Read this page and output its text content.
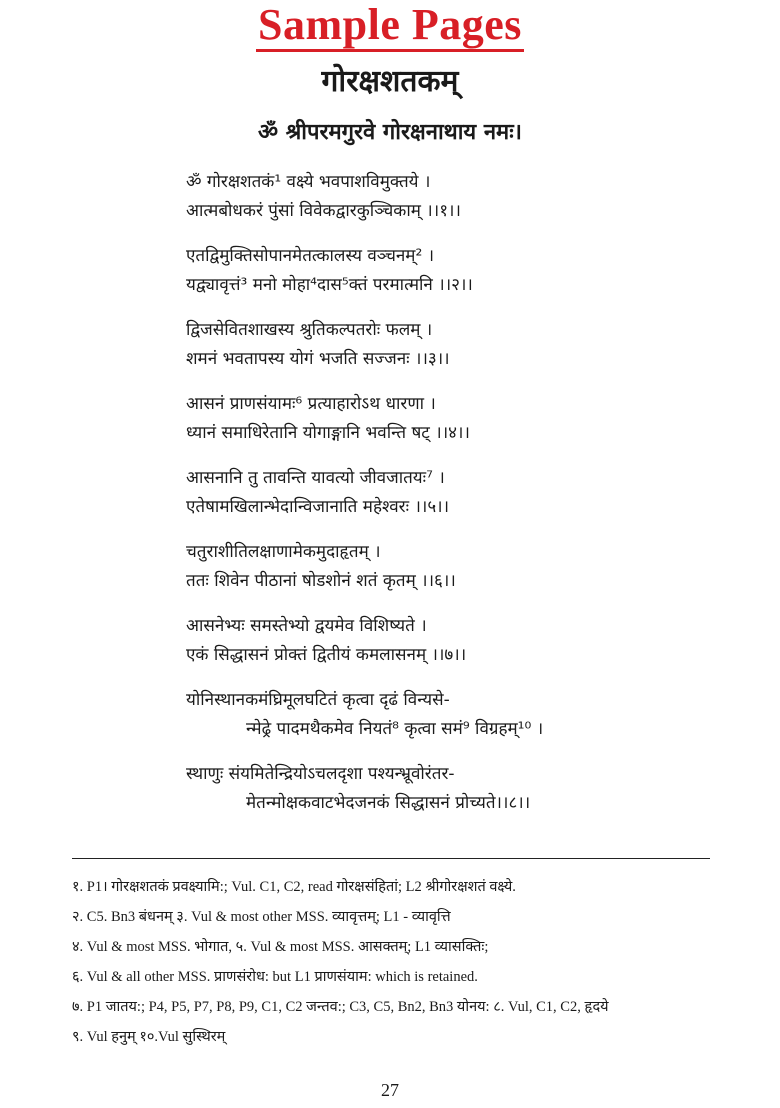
Sample Pages
गोरक्षशतकम्
ॐ श्रीपरमगुरवे गोरक्षनाथाय नमः।
ॐ गोरक्षशतकं¹ वक्ष्ये भवपाशविमुक्तये ।
आत्मबोधकरं पुंसां विवेकद्वारकुञ्चिकाम् ।।१।।
एतद्विमुक्तिसोपानमेतत्कालस्य वञ्चनम्² ।
यद्व्यावृत्तं³ मनो मोहा⁴दास⁵क्तं परमात्मनि ।।२।।
द्विजसेवितशाखस्य श्रुतिकल्पतरोः फलम् ।
शमनं भवतापस्य योगं भजति सज्जनः ।।३।।
आसनं प्राणसंयामः⁶ प्रत्याहारोऽथ धारणा ।
ध्यानं समाधिरेतानि योगाङ्गानि भवन्ति षट् ।।४।।
आसनानि तु तावन्ति यावत्यो जीवजातयः⁷ ।
एतेषामखिलान्भेदान्विजानाति महेश्वरः ।।५।।
चतुराशीतिलक्षाणामेकमुदाहृतम् ।
ततः शिवेन पीठानां षोडशोनं शतं कृतम् ।।६।।
आसनेभ्यः समस्तेभ्यो द्वयमेव विशिष्यते ।
एकं सिद्धासनं प्रोक्तं द्वितीयं कमलासनम् ।।७।।
योनिस्थानकमंघ्रिमूलघटितं कृत्वा दृढं विन्यसे-
न्मेढ्रे पादमथैकमेव नियतं⁸ कृत्वा समं⁹ विग्रहम्¹⁰ ।
स्थाणुः संयमितेन्द्रियोऽचलदृशा पश्यन्भ्रूवोरंतर-
मेतन्मोक्षकवाटभेदजनकं सिद्धासनं प्रोच्यते।।८।।
१. P1। गोरक्षशतकं प्रवक्ष्यामि:; Vul. C1, C2, read गोरक्षसंहितां; L2 श्रीगोरक्षशतं वक्ष्ये.
२. C5. Bn3 बंधनम् ३. Vul & most other MSS. व्यावृत्तम्; L1 - व्यावृत्ति
४. Vul & most MSS. भोगात, ५. Vul & most MSS. आसक्तम्; L1 व्यासक्तिः;
६. Vul & all other MSS. प्राणसंरोध: but L1 प्राणसंयाम: which is retained.
७. P1 जातय:; P4, P5, P7, P8, P9, C1, C2 जन्तव:; C3, C5, Bn2, Bn3 योनय: ८. Vul, C1, C2, हृदये
९. Vul हनुम् १०.Vul सुस्थिरम्
27
